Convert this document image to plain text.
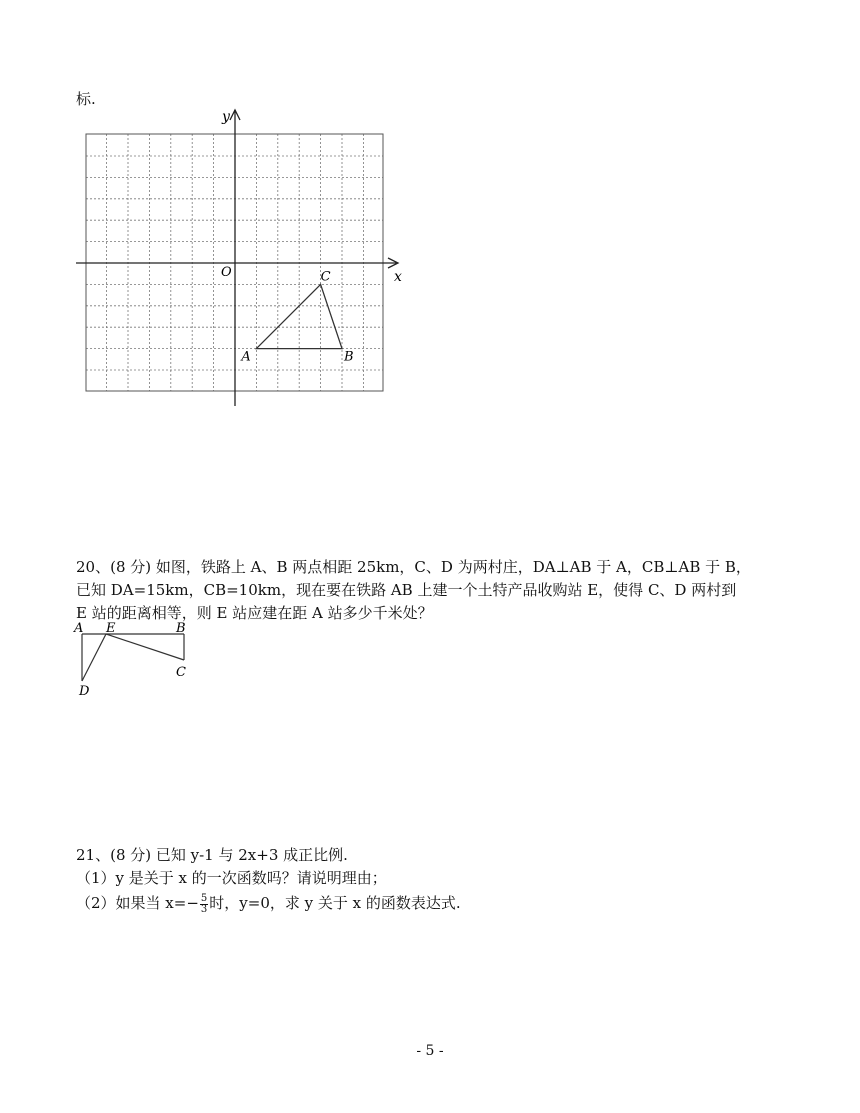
标.
x
y
O
A	B
C
20、(8 分) 如图，铁路上 A、B 两点相距 25km，C、D 为两村庄，DA⊥AB 于 A，CB⊥AB 于 B，
已知 DA=15km，CB=10km，现在要在铁路 AB 上建一个土特产品收购站 E，使得 C、D 两村到
E 站的距离相等，则 E 站应建在距 A 站多少千米处？
A E	B
C
D
21、(8 分) 已知 y-1 与 2x+3 成正比例.
（1）y 是关于 x 的一次函数吗？请说明理由；
（2）如果当 $x=- \frac{5}{3}$ 时，y=0，求 y 关于 x 的函数表达式.
- 5 -
